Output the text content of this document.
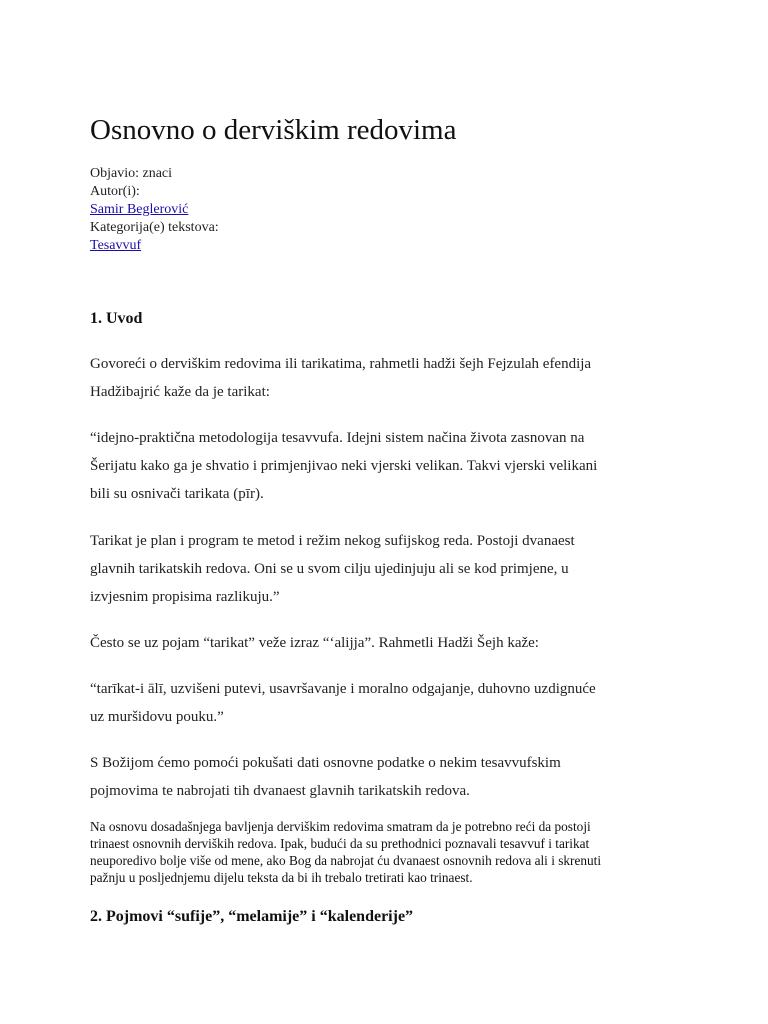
Osnovno o derviškim redovima
Objavio: znaci
Autor(i):
Samir Beglerović
Kategorija(e) tekstova:
Tesavvuf
1. Uvod
Govoreći o derviškim redovima ili tarikatima, rahmetli hadži šejh Fejzulah efendija
Hadžibajrić kaže da je tarikat:
“idejno-praktična metodologija tesavvufa. Idejni sistem načina života zasnovan na
Šerijatu kako ga je shvatio i primjenjivao neki vjerski velikan. Takvi vjerski velikani
bili su osnivači tarikata (pīr).
Tarikat je plan i program te metod i režim nekog sufijskog reda. Postoji dvanaest
glavnih tarikatskih redova. Oni se u svom cilju ujedinjuju ali se kod primjene, u
izvjesnim propisima razlikuju.”
Često se uz pojam “tarikat” veže izraz “‘alijja”. Rahmetli Hadži Šejh kaže:
“tarīkat-i ālī, uzvišeni putevi, usavršavanje i moralno odgajanje, duhovno uzdignuće
uz muršidovu pouku.”
S Božijom ćemo pomoći pokušati dati osnovne podatke o nekim tesavvufskim
pojmovima te nabrojati tih dvanaest glavnih tarikatskih redova.
Na osnovu dosadašnjega bavljenja derviškim redovima smatram da je potrebno reći da postoji
trinaest osnovnih derviških redova. Ipak, budući da su prethodnici poznavali tesavvuf i tarikat
neuporedivo bolje više od mene, ako Bog da nabrojat ću dvanaest osnovnih redova ali i skrenuti
pažnju u posljednjemu dijelu teksta da bi ih trebalo tretirati kao trinaest.
2. Pojmovi “sufije”, “melamije” i “kalenderije”
